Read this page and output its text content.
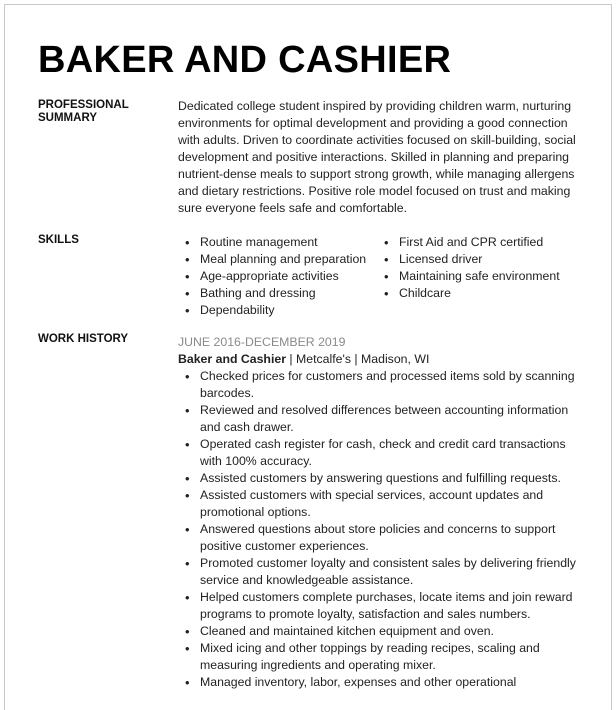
BAKER AND CASHIER
PROFESSIONAL SUMMARY
Dedicated college student inspired by providing children warm, nurturing environments for optimal development and providing a good connection with adults. Driven to coordinate activities focused on skill-building, social development and positive interactions. Skilled in planning and preparing nutrient-dense meals to support strong growth, while managing allergens and dietary restrictions. Positive role model focused on trust and making sure everyone feels safe and comfortable.
SKILLS
•	Routine management
• Meal planning and preparation
• Age-appropriate activities
• Bathing and dressing
• Dependability
• First Aid and CPR certified
• Licensed driver
• Maintaining safe environment
• Childcare
WORK HISTORY	JUNE 2016-DECEMBER 2019
Baker and Cashier | Metcalfe's | Madison, WI
• Checked prices for customers and processed items sold by scanning barcodes.
• Reviewed and resolved differences between accounting information and cash drawer.
• Operated cash register for cash, check and credit card transactions with 100% accuracy.
• Assisted customers by answering questions and fulfilling requests.
• Assisted customers with special services, account updates and promotional options.
• Answered questions about store policies and concerns to support positive customer experiences.
• Promoted customer loyalty and consistent sales by delivering friendly service and knowledgeable assistance.
• Helped customers complete purchases, locate items and join reward programs to promote loyalty, satisfaction and sales numbers.
• Cleaned and maintained kitchen equipment and oven.
• Mixed icing and other toppings by reading recipes, scaling and measuring ingredients and operating mixer.
• Managed inventory, labor, expenses and other operational
